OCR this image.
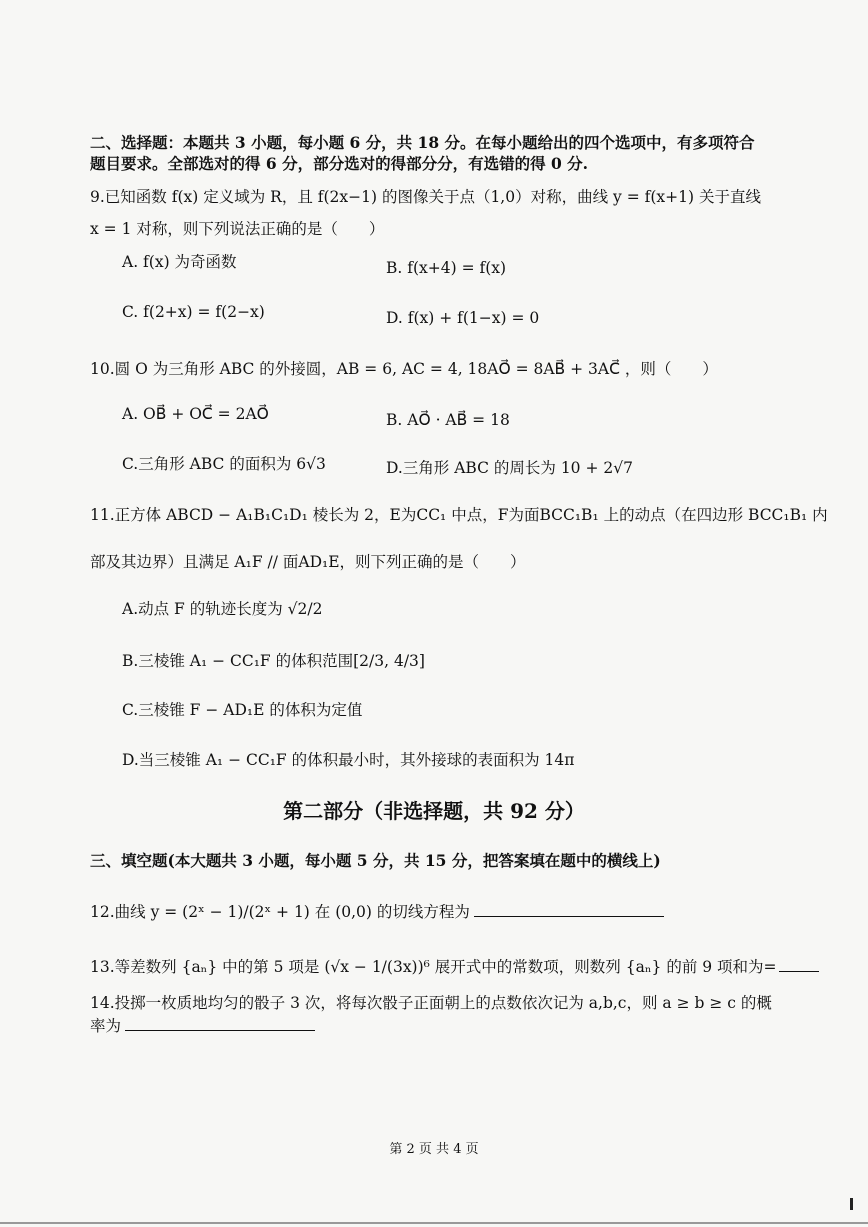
二、选择题：本题共 3 小题，每小题 6 分，共 18 分。在每小题给出的四个选项中，有多项符合
题目要求。全部选对的得 6 分，部分选对的得部分分，有选错的得 0 分.
9.已知函数 f(x) 定义域为 R，且 f(2x−1) 的图像关于点（1,0）对称，曲线 y = f(x+1) 关于直线
x = 1 对称，则下列说法正确的是（　　）
A. f(x) 为奇函数	B. f(x+4) = f(x)
C. f(2+x) = f(2−x)	D. f(x) + f(1−x) = 0
10.圆 O 为三角形 ABC 的外接圆，AB = 6, AC = 4, 18AO⃗ = 8AB⃗ + 3AC⃗ ，则（　　）
A. OB⃗ + OC⃗ = 2AO⃗	B. AO⃗ · AB⃗ = 18
C.三角形 ABC 的面积为 6√3	D.三角形 ABC 的周长为 10 + 2√7
11.正方体 ABCD − A₁B₁C₁D₁ 棱长为 2，E为CC₁ 中点，F为面BCC₁B₁ 上的动点（在四边形 BCC₁B₁ 内
部及其边界）且满足 A₁F // 面AD₁E，则下列正确的是（　　）
A.动点 F 的轨迹长度为 √2/2
B.三棱锥 A₁ − CC₁F 的体积范围[2/3, 4/3]
C.三棱锥 F − AD₁E 的体积为定值
D.当三棱锥 A₁ − CC₁F 的体积最小时，其外接球的表面积为 14π
第二部分（非选择题，共 92 分）
三、填空题(本大题共 3 小题，每小题 5 分，共 15 分，把答案填在题中的横线上)
12.曲线 y = (2ˣ − 1)/(2ˣ + 1) 在 (0,0) 的切线方程为
13.等差数列 {aₙ} 中的第 5 项是 (√x − 1/(3x))⁶ 展开式中的常数项，则数列 {aₙ} 的前 9 项和为=
14.投掷一枚质地均匀的骰子 3 次，将每次骰子正面朝上的点数依次记为 a,b,c，则 a ≥ b ≥ c 的概
率为
第 2 页 共 4 页
